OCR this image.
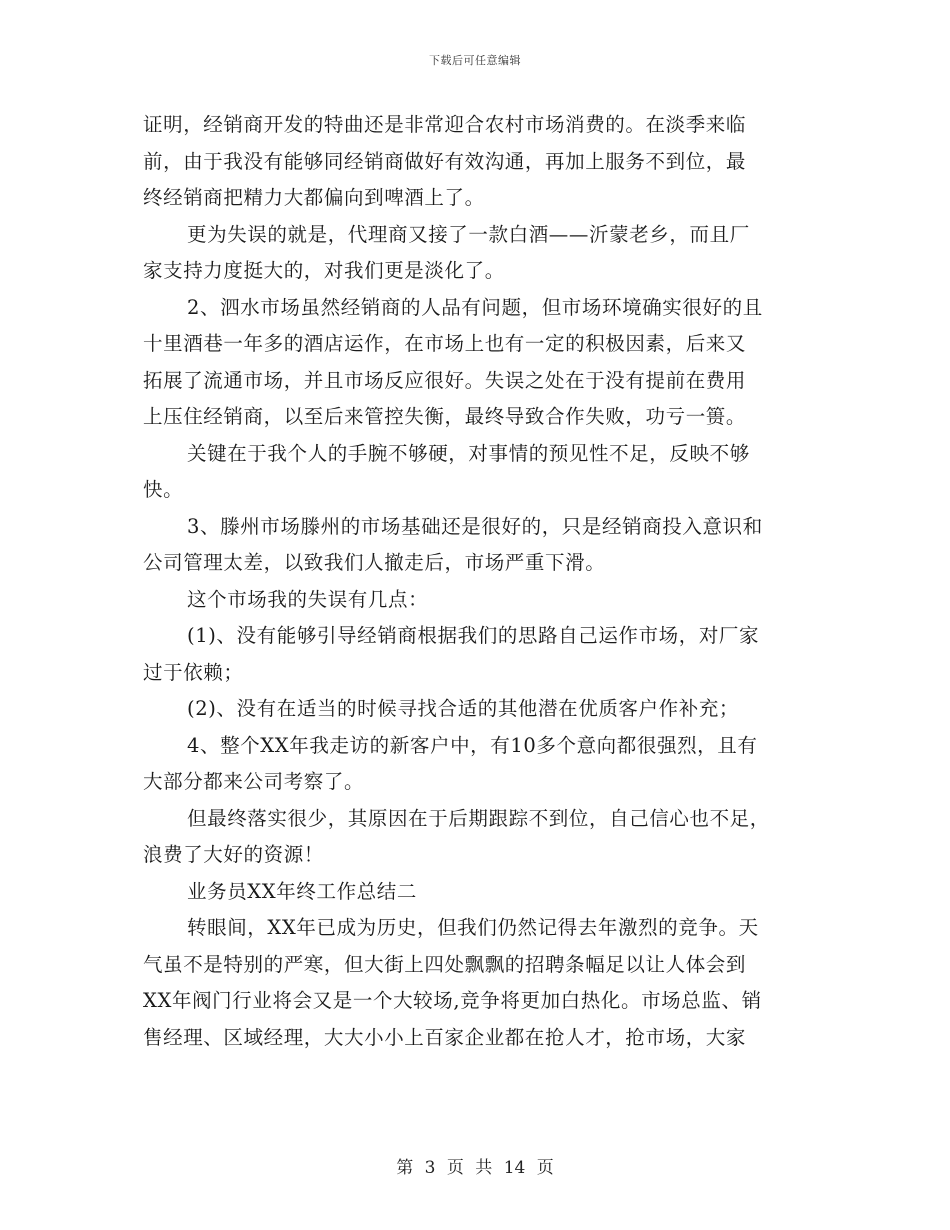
下载后可任意编辑
证明，经销商开发的特曲还是非常迎合农村市场消费的。在淡季来临
前，由于我没有能够同经销商做好有效沟通，再加上服务不到位，最
终经销商把精力大都偏向到啤酒上了。
更为失误的就是，代理商又接了一款白酒——沂蒙老乡，而且厂
家支持力度挺大的，对我们更是淡化了。
2、泗水市场虽然经销商的人品有问题，但市场环境确实很好的且
十里酒巷一年多的酒店运作，在市场上也有一定的积极因素，后来又
拓展了流通市场，并且市场反应很好。失误之处在于没有提前在费用
上压住经销商，以至后来管控失衡，最终导致合作失败，功亏一篑。
关键在于我个人的手腕不够硬，对事情的预见性不足，反映不够
快。
3、滕州市场滕州的市场基础还是很好的，只是经销商投入意识和
公司管理太差，以致我们人撤走后，市场严重下滑。
这个市场我的失误有几点：
(1)、没有能够引导经销商根据我们的思路自己运作市场，对厂家
过于依赖；
(2)、没有在适当的时候寻找合适的其他潜在优质客户作补充；
4、整个XX年我走访的新客户中，有10多个意向都很强烈，且有
大部分都来公司考察了。
但最终落实很少，其原因在于后期跟踪不到位，自己信心也不足，
浪费了大好的资源！
业务员XX年终工作总结二
转眼间，XX年已成为历史，但我们仍然记得去年激烈的竞争。天
气虽不是特别的严寒，但大街上四处飘飘的招聘条幅足以让人体会到
XX年阀门行业将会又是一个大较场,竞争将更加白热化。市场总监、销
售经理、区域经理，大大小小上百家企业都在抢人才，抢市场，大家
第 3 页 共 14 页
